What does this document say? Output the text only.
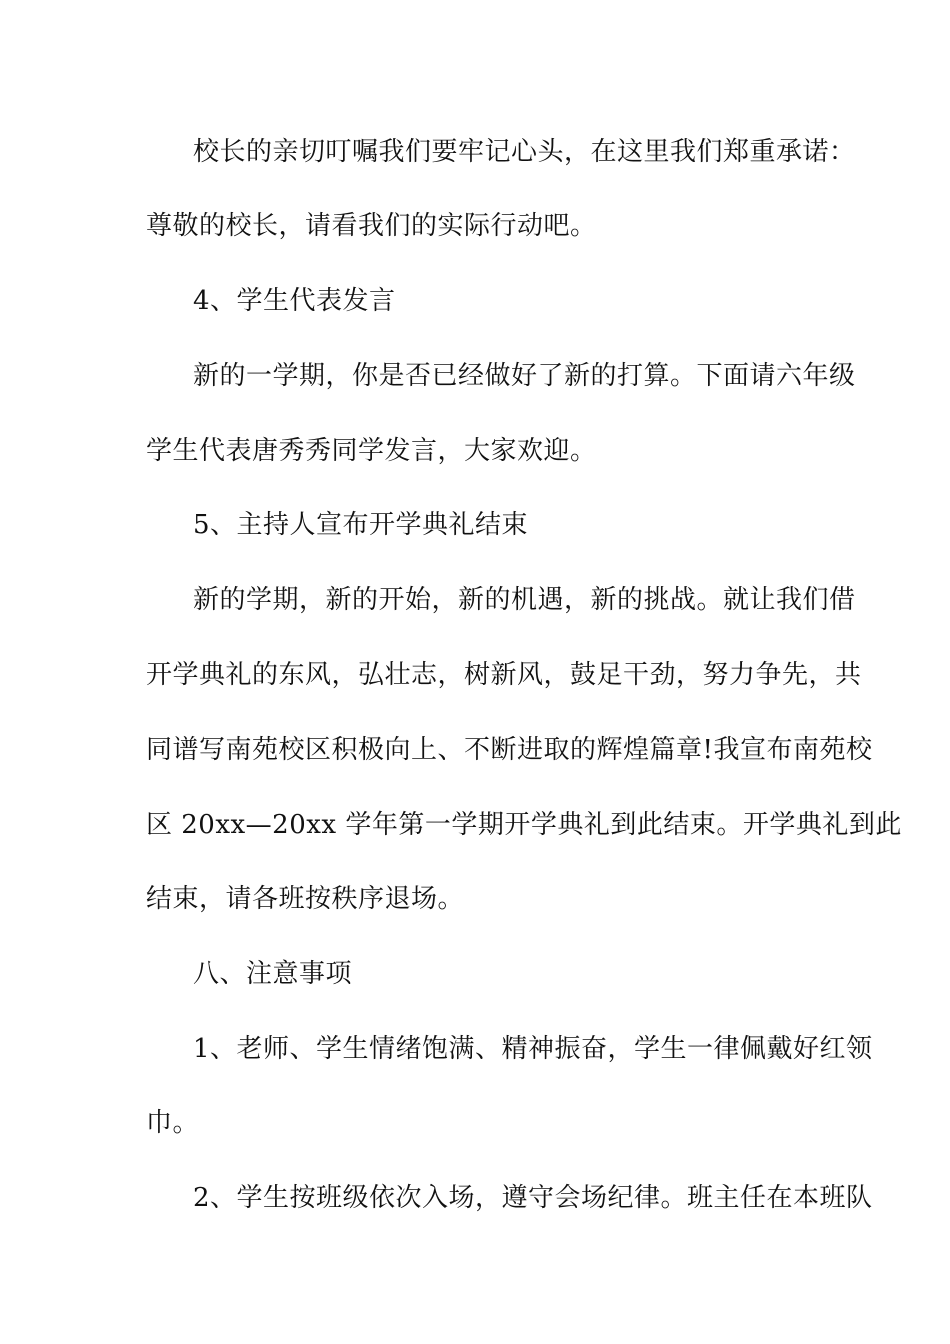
校长的亲切叮嘱我们要牢记心头，在这里我们郑重承诺：
尊敬的校长，请看我们的实际行动吧。
4、学生代表发言
新的一学期，你是否已经做好了新的打算。下面请六年级
学生代表唐秀秀同学发言，大家欢迎。
5、主持人宣布开学典礼结束
新的学期，新的开始，新的机遇，新的挑战。就让我们借
开学典礼的东风，弘壮志，树新风，鼓足干劲，努力争先，共
同谱写南苑校区积极向上、不断进取的辉煌篇章!我宣布南苑校
区 20xx—20xx 学年第一学期开学典礼到此结束。开学典礼到此
结束，请各班按秩序退场。
八、注意事项
1、老师、学生情绪饱满、精神振奋，学生一律佩戴好红领
巾。
2、学生按班级依次入场，遵守会场纪律。班主任在本班队
